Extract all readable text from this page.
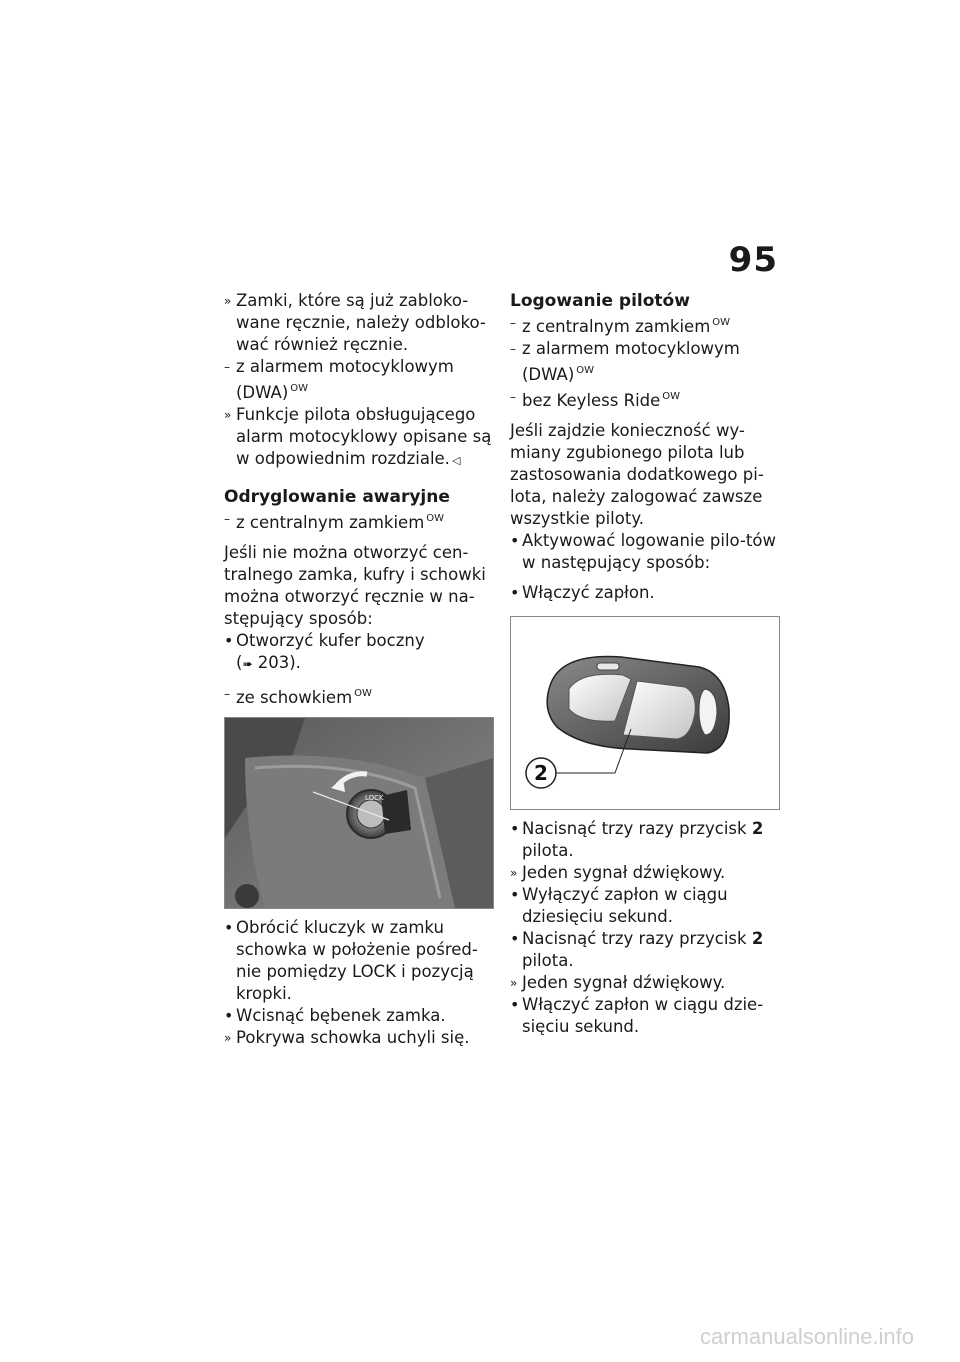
95
» Zamki, które są już zabloko-wane ręcznie, należy odbloko-wać również ręcznie.
– z alarmem motocyklowym (DWA) $^{OW}$
» Funkcje pilota obsługującego alarm motocyklowy opisane są w odpowiednim rozdziale. ◁

Odryglowanie awaryjne

– z centralnym zamkiem $^{OW}$

Jeśli nie można otworzyć cen-tralnego zamka, kufry i schowki można otworzyć ręcznie w na-stępujący sposób:

• Otworzyć kufer boczny
(➠ 203).
– ze schowkiem $^{OW}$
LOCK
• Obrócić kluczyk w zamku schowka w położenie pośred-nie pomiędzy LOCK i pozycją kropki.
• Wcisnąć bębenek zamka.
» Pokrywa schowka uchyli się.

Logowanie pilotów

– z centralnym zamkiem $^{OW}$
– z alarmem motocyklowym (DWA) $^{OW}$
– bez Keyless Ride $^{OW}$

Jeśli zajdzie konieczność wy-miany zgubionego pilota lub zastosowania dodatkowego pi-lota, należy zalogować zawsze wszystkie piloty.

• Aktywować logowanie pilo-tów w następujący sposób:
• Włączyć zapłon.
2
• Nacisnąć trzy razy przycisk 2
pilota.
» Jeden sygnał dźwiękowy.
• Wyłączyć zapłon w ciągu dziesięciu sekund.
• Nacisnąć trzy razy przycisk 2
pilota.
» Jeden sygnał dźwiękowy.
• Włączyć zapłon w ciągu dzie-sięciu sekund.
carmanualsonline.info
